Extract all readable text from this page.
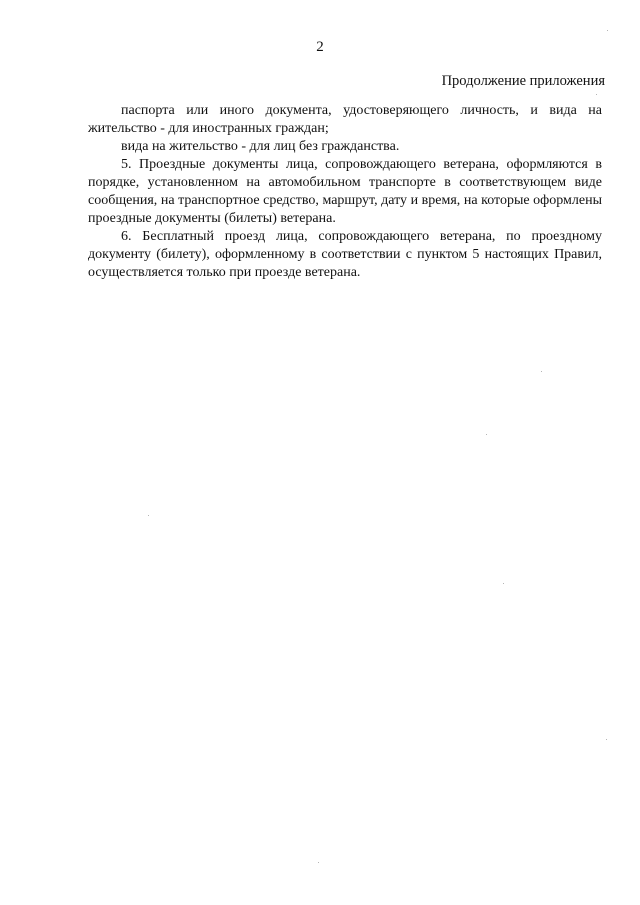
2
Продолжение приложения

паспорта или иного документа, удостоверяющего личность, и вида на жительство - для иностранных граждан;

вида на жительство - для лиц без гражданства.

5. Проездные документы лица, сопровождающего ветерана, оформляются в порядке, установленном на автомобильном транспорте в соответствующем виде сообщения, на транспортное средство, маршрут, дату и время, на которые оформлены проездные документы (билеты) ветерана.

6. Бесплатный проезд лица, сопровождающего ветерана, по проездному документу (билету), оформленному в соответствии с пунктом 5 настоящих Правил, осуществляется только при проезде ветерана.
